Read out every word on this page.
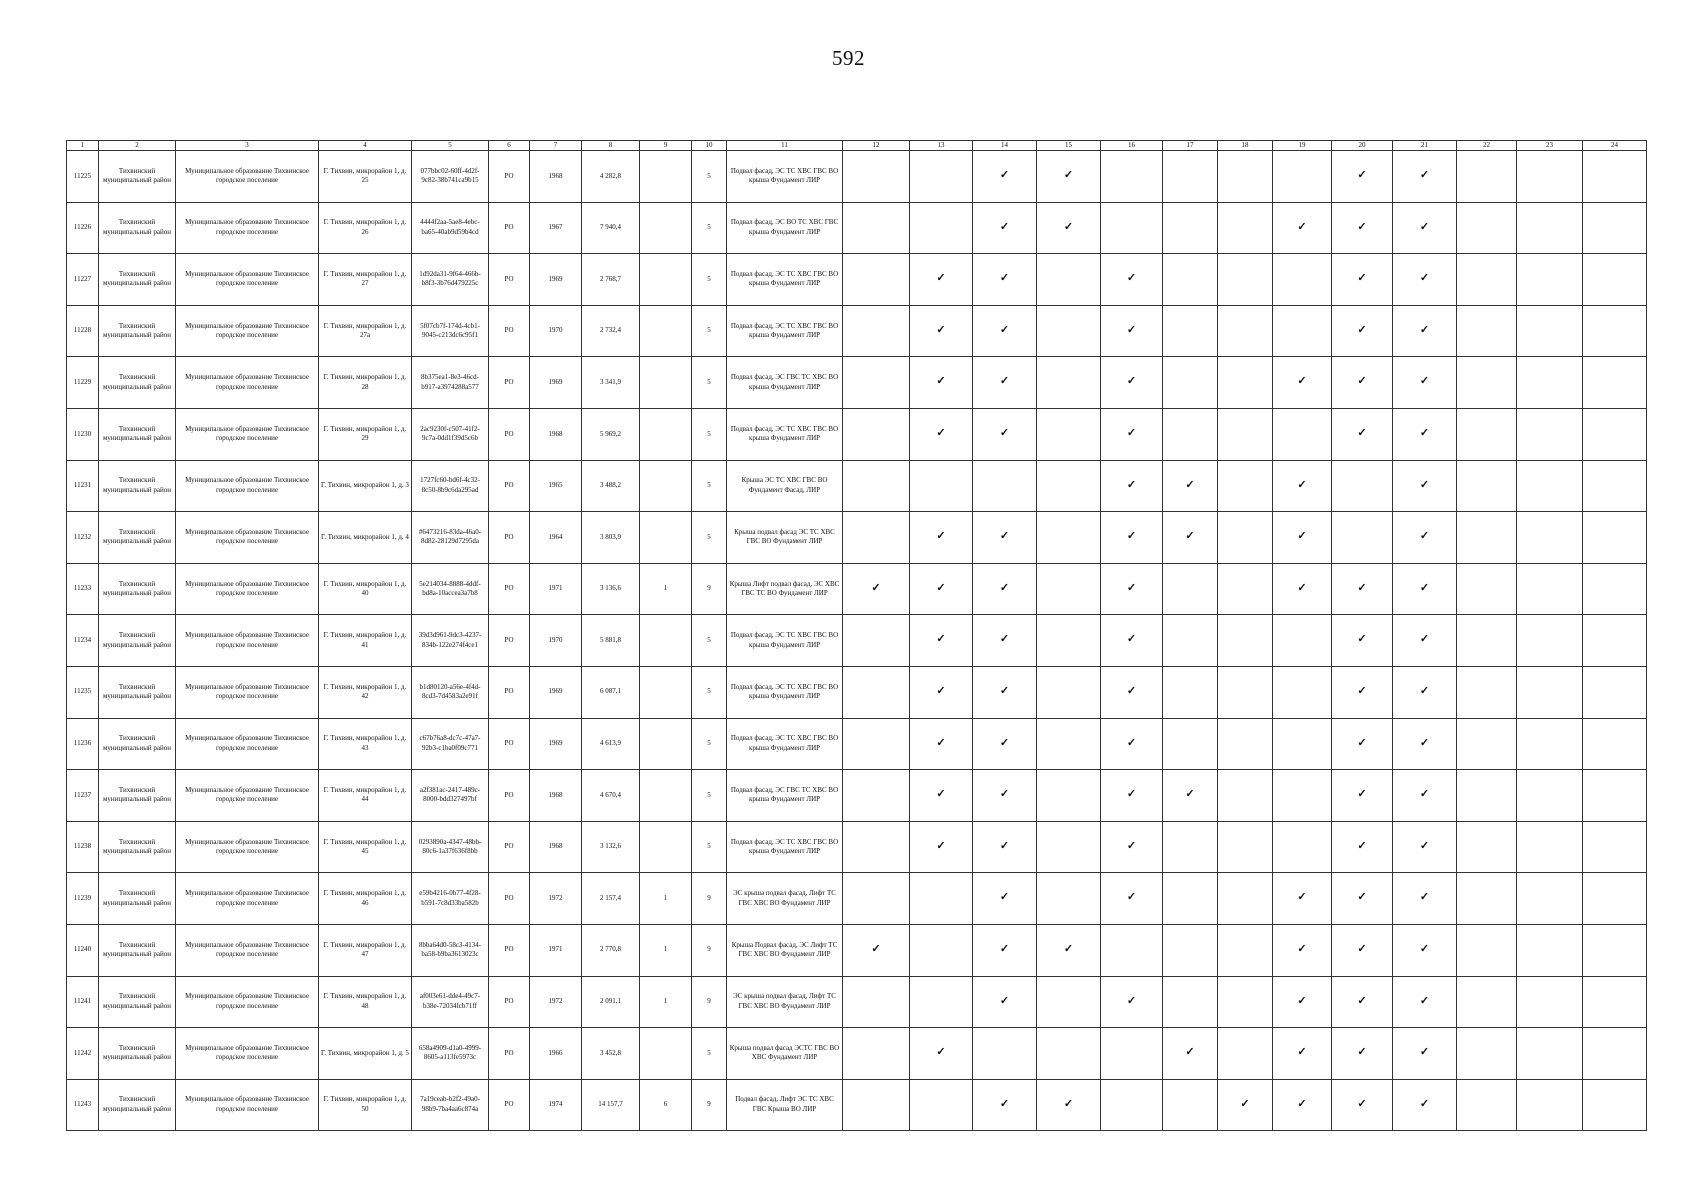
592
1	2	3	4	5	6	7	8	9	10	11	12	13	14	15	16	17	18	19	20	21	22	23	24
11225	Тихвинский муниципальный район	Муниципальное образование Тихвинское городское поселение	Г. Тихвин, микрорайон 1, д. 25	077bbc02-60ff-4d2f-9c82-38b741ca9b15	РО	1968	4 282,8		5	Подвал фасад, ЭС ТС ХВС ГВС ВО крыша Фундамент ЛИР			✓	✓					✓	✓			
11226	Тихвинский муниципальный район	Муниципальное образование Тихвинское городское поселение	Г. Тихвин, микрорайон 1, д. 26	4444f2aa-5ae8-4ebc-ba65-40ab9d59b4cd	РО	1967	7 940,4		5	Подвал фасад, ЭС ВО ТС ХВС ГВС крыша Фундамент ЛИР			✓	✓				✓	✓	✓			
11227	Тихвинский муниципальный район	Муниципальное образование Тихвинское городское поселение	Г. Тихвин, микрорайон 1, д. 27	1d92da31-9f64-466b-b8f3-3b76d479225c	РО	1969	2 768,7		5	Подвал фасад, ЭС ТС ХВС ГВС ВО крыша Фундамент ЛИР		✓	✓		✓				✓	✓			
11228	Тихвинский муниципальный район	Муниципальное образование Тихвинское городское поселение	Г. Тихвин, микрорайон 1, д. 27а	5f07cb7f-174d-4cb1-9045-c213dc6c95f1	РО	1970	2 732,4		5	Подвал фасад, ЭС ТС ХВС ГВС ВО крыша Фундамент ЛИР		✓	✓		✓				✓	✓			
11229	Тихвинский муниципальный район	Муниципальное образование Тихвинское городское поселение	Г. Тихвин, микрорайон 1, д. 28	8b375ea1-8e3-46cd-b917-a3974288a577	РО	1969	3 341,9		5	Подвал фасад, ЭС ГВС ТС ХВС ВО крыша Фундамент ЛИР		✓	✓		✓			✓	✓	✓			
11230	Тихвинский муниципальный район	Муниципальное образование Тихвинское городское поселение	Г. Тихвин, микрорайон 1, д. 29	2ac9230f-c507-41f2-9c7a-0dd1f39d5c6b	РО	1968	5 969,2		5	Подвал фасад, ЭС ТС ХВС ГВС ВО крыша Фундамент ЛИР		✓	✓		✓				✓	✓			
11231	Тихвинский муниципальный район	Муниципальное образование Тихвинское городское поселение	Г. Тихвин, микрорайон 1, д. 3	1727fc60-bd6f-4c32-8c50-8b9c6da295ad	РО	1965	3 488,2		5	Крыша ЭС ТС ХВС ГВС ВО Фундамент Фасад, ЛИР					✓	✓		✓		✓			
11232	Тихвинский муниципальный район	Муниципальное образование Тихвинское городское поселение	Г. Тихвин, микрорайон 1, д. 4	#6473216-83da-46a0-8d82-28129d7295da	РО	1964	3 803,9		5	Крыша подвал фасад ЭС ТС ХВС ГВС ВО Фундамент ЛИР		✓	✓		✓	✓		✓		✓			
11233	Тихвинский муниципальный район	Муниципальное образование Тихвинское городское поселение	Г. Тихвин, микрорайон 1, д. 40	5e214034-8888-4ddf-bd8a-10acceа3a7b8	РО	1971	3 136,6	1	9	Крыша Лифт подвал фасад, ЭС ХВС ГВС ТС ВО Фундамент ЛИР	✓	✓	✓		✓			✓	✓	✓			
11234	Тихвинский муниципальный район	Муниципальное образование Тихвинское городское поселение	Г. Тихвин, микрорайон 1, д. 41	39d3d961-9dc3-4237-834b-122e274f4ce1	РО	1970	5 881,8		5	Подвал фасад, ЭС ТС ХВС ГВС ВО крыша Фундамент ЛИР		✓	✓		✓				✓	✓			
11235	Тихвинский муниципальный район	Муниципальное образование Тихвинское городское поселение	Г. Тихвин, микрорайон 1, д. 42	b1d80120-a56e-4f4d-8cd3-7d4583a2e91f	РО	1969	6 087,1		5	Подвал фасад, ЭС ТС ХВС ГВС ВО крыша Фундамент ЛИР		✓	✓		✓				✓	✓			
11236	Тихвинский муниципальный район	Муниципальное образование Тихвинское городское поселение	Г. Тихвин, микрорайон 1, д. 43	c67b76a8-dc7c-47a7-92b3-c1ba0f09c771	РО	1969	4 613,9		5	Подвал фасад, ЭС ТС ХВС ГВС ВО крыша Фундамент ЛИР		✓	✓		✓				✓	✓			
11237	Тихвинский муниципальный район	Муниципальное образование Тихвинское городское поселение	Г. Тихвин, микрорайон 1, д. 44	a2f381ac-2417-489c-8000-bdd327497bf	РО	1968	4 670,4		5	Подвал фасад, ЭС ГВС ТС ХВС ВО крыша Фундамент ЛИР		✓	✓		✓	✓			✓	✓			
11238	Тихвинский муниципальный район	Муниципальное образование Тихвинское городское поселение	Г. Тихвин, микрорайон 1, д. 45	0293890a-4347-48bb-80c6-1a37f636f8bb	РО	1968	3 132,6		5	Подвал фасад, ЭС ТС ХВС ГВС ВО крыша Фундамент ЛИР		✓	✓		✓				✓	✓			
11239	Тихвинский муниципальный район	Муниципальное образование Тихвинское городское поселение	Г. Тихвин, микрорайон 1, д. 46	e59b4216-0b77-4f28-b591-7c8d33ba582b	РО	1972	2 157,4	1	9	ЭС крыша подвал фасад, Лифт ТС ГВС ХВС ВО Фундамент ЛИР			✓		✓			✓	✓	✓			
11240	Тихвинский муниципальный район	Муниципальное образование Тихвинское городское поселение	Г. Тихвин, микрорайон 1, д. 47	8bba64d0-58c3-4134-ba58-b9ba3613023c	РО	1971	2 770,8	1	9	Крыша Подвал фасад, ЭС Лифт ТС ГВС ХВС ВО Фундамент ЛИР	✓		✓	✓				✓	✓	✓			
11241	Тихвинский муниципальный район	Муниципальное образование Тихвинское городское поселение	Г. Тихвин, микрорайон 1, д. 48	af003e61-dde4-49c7-b38e-72034fcb71ff	РО	1972	2 091,1	1	9	ЭС крыша подвал фасад, Лифт ТС ГВС ХВС ВО Фундамент ЛИР			✓		✓			✓	✓	✓			
11242	Тихвинский муниципальный район	Муниципальное образование Тихвинское городское поселение	Г. Тихвин, микрорайон 1, д. 5	658a4909-d1a0-4999-8605-a113fe5973c	РО	1966	3 452,8		5	Крыша подвал фасад ЭСТС ГВС ВО ХВС Фундамент ЛИР		✓				✓		✓	✓	✓			
11243	Тихвинский муниципальный район	Муниципальное образование Тихвинское городское поселение	Г. Тихвин, микрорайон 1, д. 50	7a19ceab-b2f2-49a0-98b9-7ba4aa6c874a	РО	1974	14 157,7	6	9	Подвал фасад, Лифт ЭС ТС ХВС ГВС Крыша ВО ЛИР			✓	✓			✓	✓	✓	✓			
